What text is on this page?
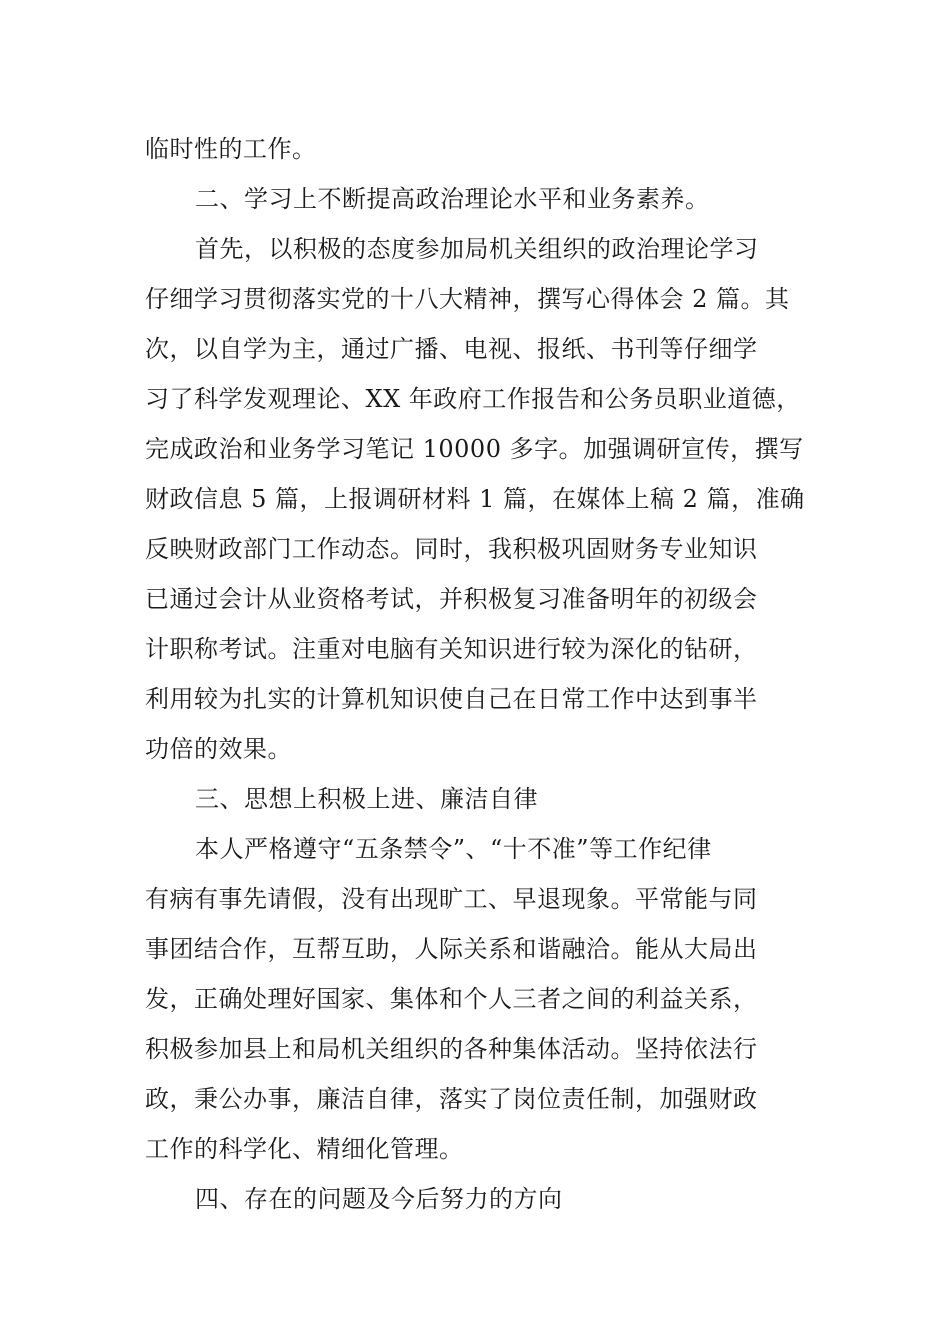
临时性的工作。
二、学习上不断提高政治理论水平和业务素养。
首先，以积极的态度参加局机关组织的政治理论学习
仔细学习贯彻落实党的十八大精神，撰写心得体会 2 篇。其
次，以自学为主，通过广播、电视、报纸、书刊等仔细学
习了科学发观理论、XX 年政府工作报告和公务员职业道德，
完成政治和业务学习笔记 10000 多字。加强调研宣传，撰写
财政信息 5 篇，上报调研材料 1 篇，在媒体上稿 2 篇，准确
反映财政部门工作动态。同时，我积极巩固财务专业知识
已通过会计从业资格考试，并积极复习准备明年的初级会
计职称考试。注重对电脑有关知识进行较为深化的钻研，
利用较为扎实的计算机知识使自己在日常工作中达到事半
功倍的效果。
三、思想上积极上进、廉洁自律
本人严格遵守“五条禁令”、“十不准”等工作纪律
有病有事先请假，没有出现旷工、早退现象。平常能与同
事团结合作，互帮互助，人际关系和谐融洽。能从大局出
发，正确处理好国家、集体和个人三者之间的利益关系，
积极参加县上和局机关组织的各种集体活动。坚持依法行
政，秉公办事，廉洁自律，落实了岗位责任制，加强财政
工作的科学化、精细化管理。
四、存在的问题及今后努力的方向
